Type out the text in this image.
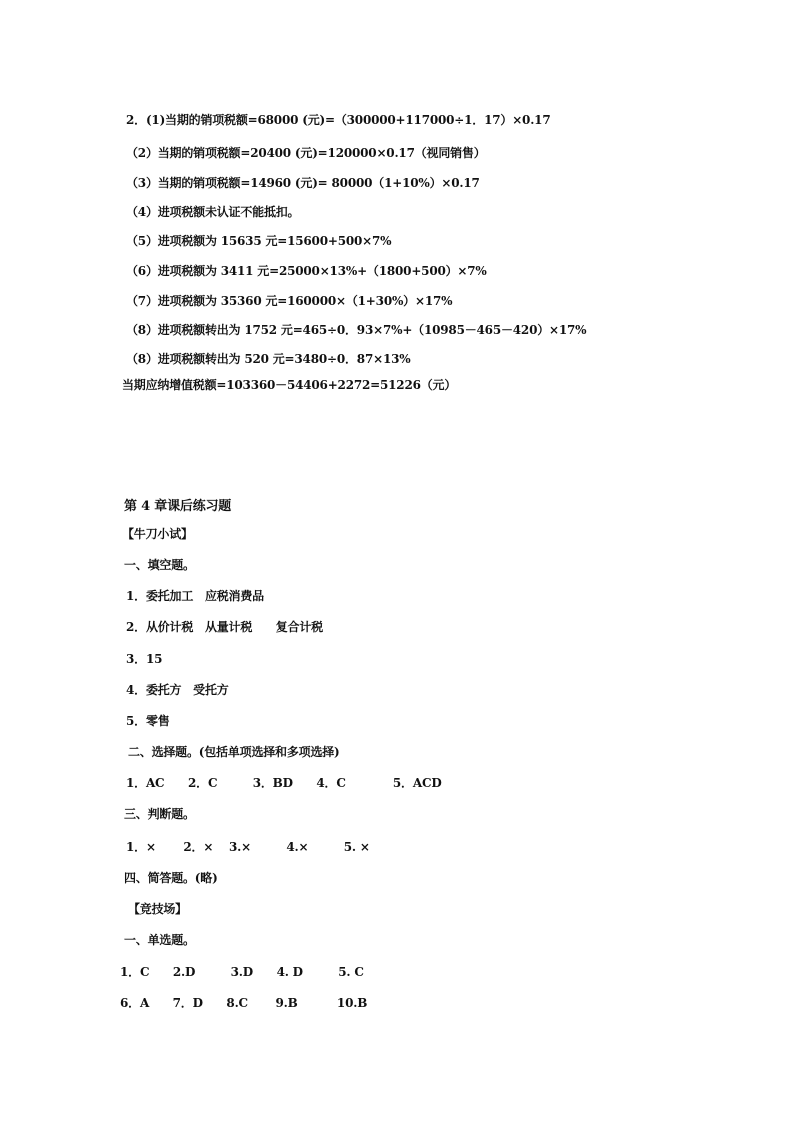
2．(1)当期的销项税额=68000 (元)=（300000+117000÷1．17）×0.17
（2）当期的销项税额=20400 (元)=120000×0.17（视同销售）
（3）当期的销项税额=14960 (元)= 80000（1+10%）×0.17
（4）进项税额未认证不能抵扣。
（5）进项税额为 15635 元=15600+500×7%
（6）进项税额为 3411 元=25000×13%+（1800+500）×7%
（7）进项税额为 35360 元=160000×（1+30%）×17%
（8）进项税额转出为 1752 元=465÷0．93×7%+（10985－465－420）×17%
（8）进项税额转出为 520 元=3480÷0．87×13%
当期应纳增值税额=103360－54406+2272=51226（元）
第 4 章课后练习题
【牛刀小试】
一、填空题。
1．委托加工　应税消费品
2．从价计税　从量计税　　复合计税
3．15
4．委托方　受托方
5．零售
二、选择题。(包括单项选择和多项选择)
1．AC　　2．C　　　3．BD　　4．C　　　　5．ACD
三、判断题。
1．×　　 2．×　 3.×　　　4.×　　　5. ×
四、简答题。(略)
【竞技场】
一、单选题。
1．C　　2.D　　　3.D　　4. D　　　5. C
6．A　　7．D　　8.C　　 9.B　　　 10.B
